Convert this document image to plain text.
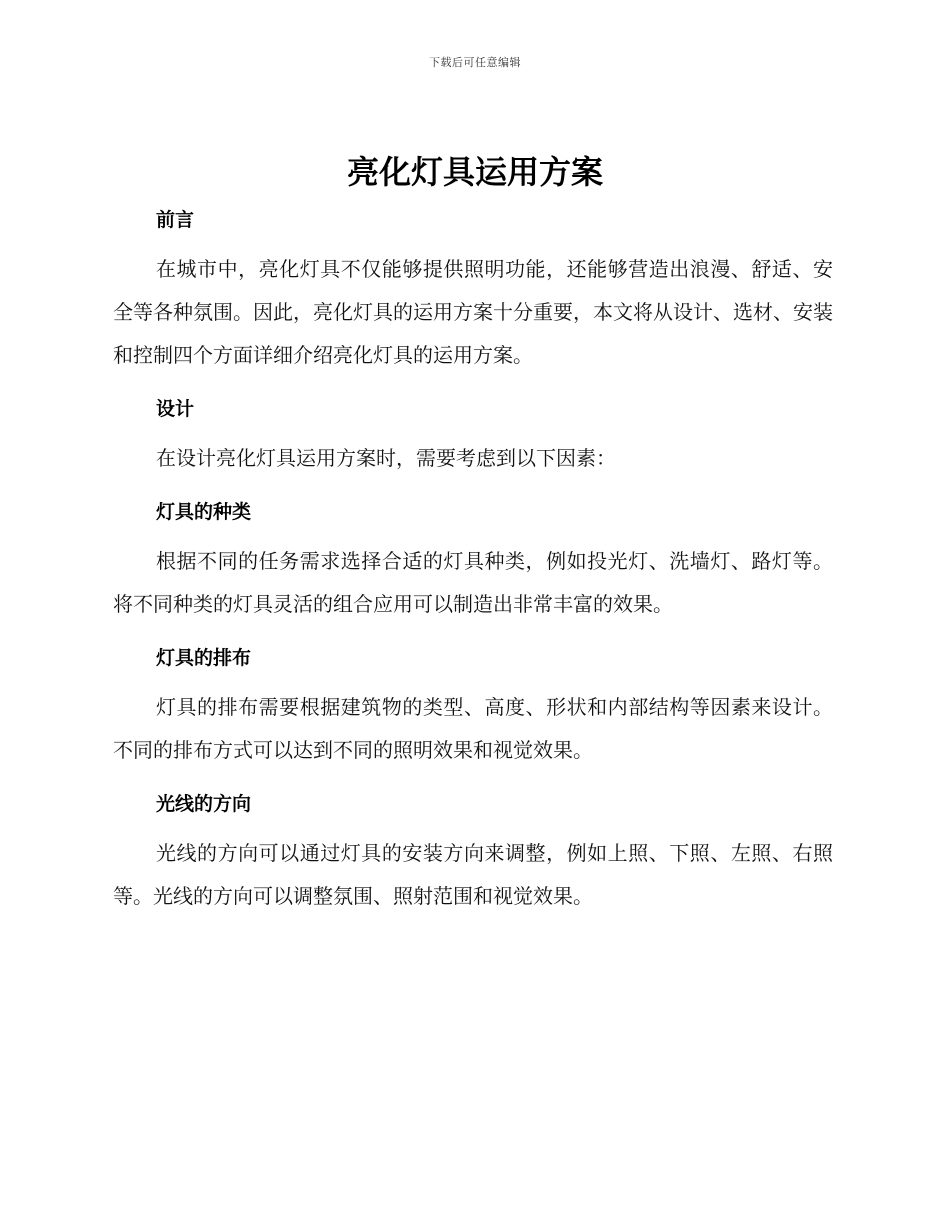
下载后可任意编辑
亮化灯具运用方案

前言

在城市中，亮化灯具不仅能够提供照明功能，还能够营造出浪漫、舒适、安全等各种氛围。因此，亮化灯具的运用方案十分重要，本文将从设计、选材、安装和控制四个方面详细介绍亮化灯具的运用方案。

设计

在设计亮化灯具运用方案时，需要考虑到以下因素：

灯具的种类

根据不同的任务需求选择合适的灯具种类，例如投光灯、洗墙灯、路灯等。将不同种类的灯具灵活的组合应用可以制造出非常丰富的效果。

灯具的排布

灯具的排布需要根据建筑物的类型、高度、形状和内部结构等因素来设计。不同的排布方式可以达到不同的照明效果和视觉效果。

光线的方向

光线的方向可以通过灯具的安装方向来调整，例如上照、下照、左照、右照等。光线的方向可以调整氛围、照射范围和视觉效果。
